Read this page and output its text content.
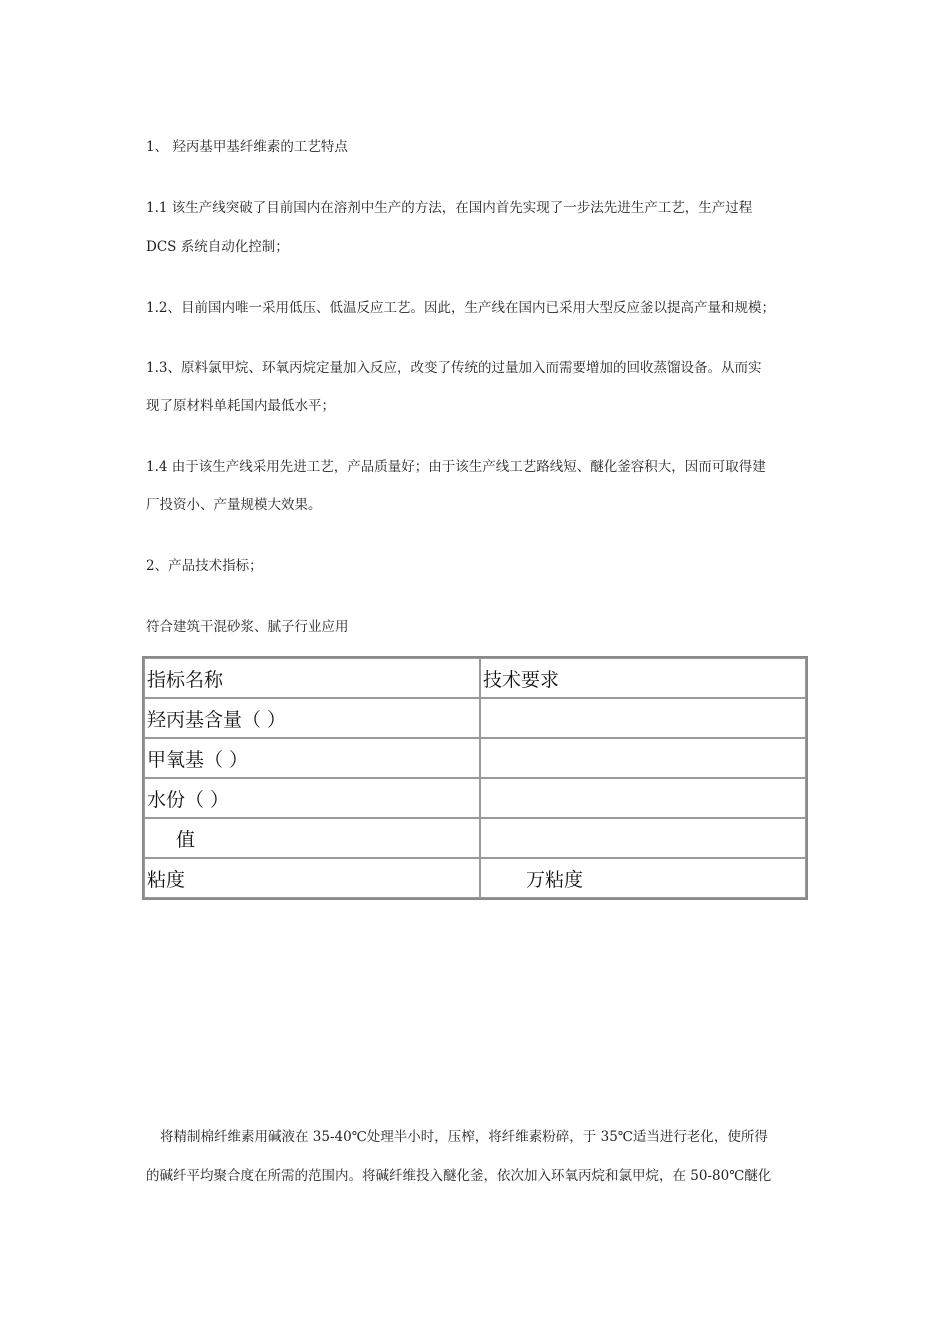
1、 羟丙基甲基纤维素的工艺特点
1.1 该生产线突破了目前国内在溶剂中生产的方法，在国内首先实现了一步法先进生产工艺，生产过程
DCS 系统自动化控制；
1.2、目前国内唯一采用低压、低温反应工艺。因此，生产线在国内已采用大型反应釜以提高产量和规模；
1.3、原料氯甲烷、环氧丙烷定量加入反应，改变了传统的过量加入而需要增加的回收蒸馏设备。从而实
现了原材料单耗国内最低水平；
1.4 由于该生产线采用先进工艺，产品质量好；由于该生产线工艺路线短、醚化釜容积大，因而可取得建
厂投资小、产量规模大效果。
2、产品技术指标；
符合建筑干混砂浆、腻子行业应用
指标名称	技术要求
羟丙基含量（ ）	
甲氧基（ ）	
水份（ ）	
值	
粘度	万粘度
将精制棉纤维素用碱液在 35-40℃处理半小时，压榨，将纤维素粉碎，于 35℃适当进行老化，使所得
的碱纤平均聚合度在所需的范围内。将碱纤维投入醚化釜，依次加入环氧丙烷和氯甲烷，在 50-80℃醚化
